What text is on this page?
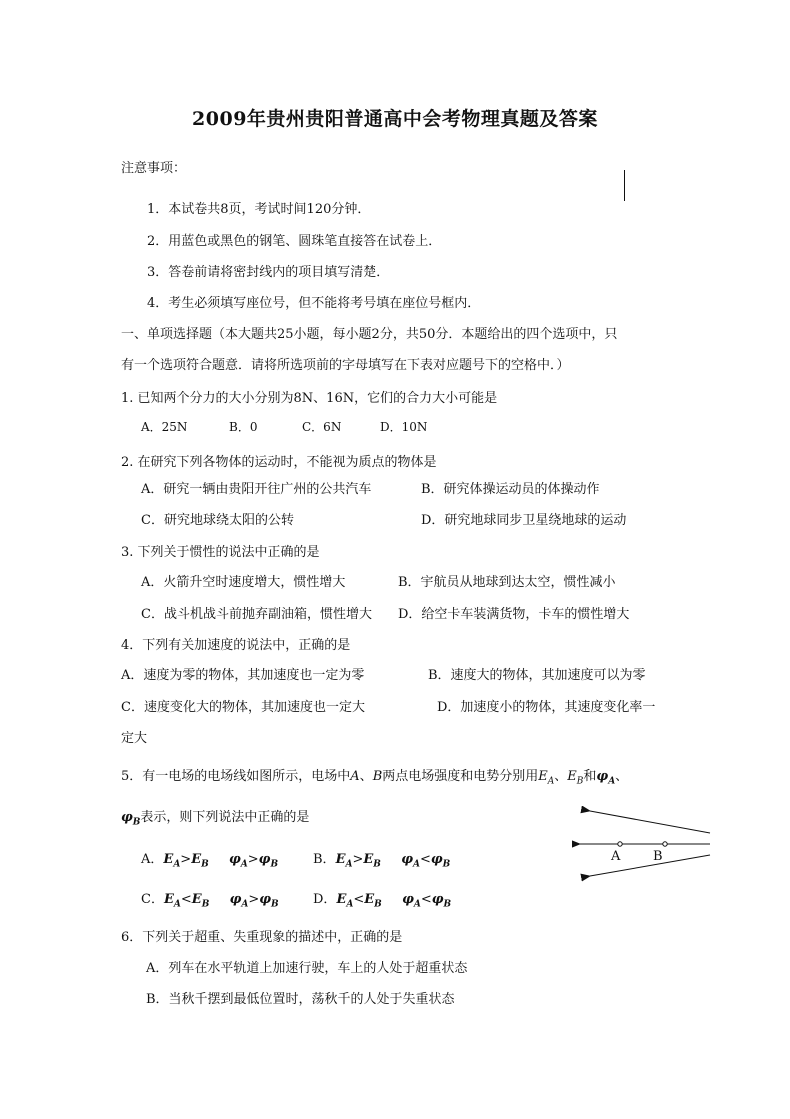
2009年贵州贵阳普通高中会考物理真题及答案
注意事项：
1．本试卷共8页，考试时间120分钟．
2．用蓝色或黑色的钢笔、圆珠笔直接答在试卷上．
3．答卷前请将密封线内的项目填写清楚．
4．考生必须填写座位号，但不能将考号填在座位号框内．
一、单项选择题（本大题共25小题，每小题2分，共50分．本题给出的四个选项中，只
有一个选项符合题意．请将所选项前的字母填写在下表对应题号下的空格中．）
1. 已知两个分力的大小分别为8N、16N，它们的合力大小可能是
A．25N	B．0	C．6N	D．10N
2. 在研究下列各物体的运动时，不能视为质点的物体是
A．研究一辆由贵阳开往广州的公共汽车	B．研究体操运动员的体操动作
C．研究地球绕太阳的公转	D．研究地球同步卫星绕地球的运动
3. 下列关于惯性的说法中正确的是
A．火箭升空时速度增大，惯性增大	B．宇航员从地球到达太空，惯性减小
C．战斗机战斗前抛弃副油箱，惯性增大 D．给空卡车装满货物，卡车的惯性增大
4．下列有关加速度的说法中，正确的是
A．速度为零的物体，其加速度也一定为零	B．速度大的物体，其加速度可以为零
C．速度变化大的物体，其加速度也一定大	D．加速度小的物体，其速度变化率一
定大
5．有一电场的电场线如图所示，电场中A、B两点电场强度和电势分别用$E_A$、$E_B$和$\varphi_A$、
$\varphi_B$表示，则下列说法中正确的是
A．$E_A>E_B$ $\varphi_A>\varphi_B$	B．$E_A>E_B$ $\varphi_A<\varphi_B$
C．$E_A<E_B$ $\varphi_A>\varphi_B$	D．$E_A<E_B$ $\varphi_A<\varphi_B$
A	B
6．下列关于超重、失重现象的描述中，正确的是
A．列车在水平轨道上加速行驶，车上的人处于超重状态
B．当秋千摆到最低位置时，荡秋千的人处于失重状态
